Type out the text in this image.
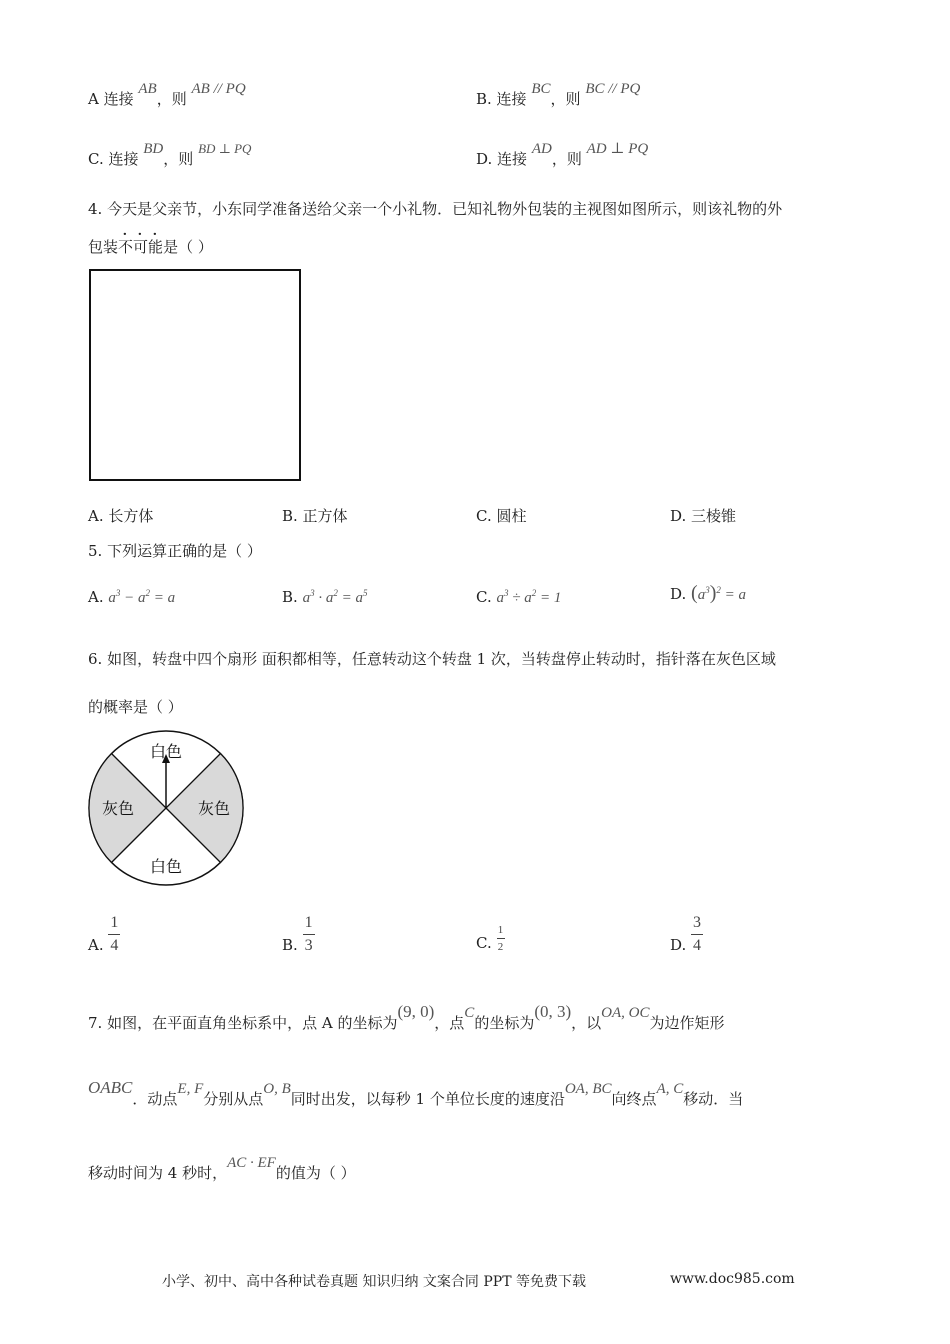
A 连接 AB，则 AB // PQ
B. 连接 BC，则 BC // PQ
C. 连接 BD，则 BD ⊥ PQ
D. 连接 AD，则 AD ⊥ PQ
4. 今天是父亲节，小东同学准备送给父亲一个小礼物．已知礼物外包装的主视图如图所示，则该礼物的外
包装不可能是（ ）
A. 长方体	B. 正方体	C. 圆柱	D. 三棱锥
5. 下列运算正确的是（ ）
A. $a^3 - a^2 = a$	B. $a^3 \cdot a^2 = a^5$	C. $a^3 \div a^2 = 1$	D. $(a^3)^2 = a$
6. 如图，转盘中四个扇形 面积都相等，任意转动这个转盘 1 次，当转盘停止转动时，指针落在灰色区域
的概率是（ ）
白色
灰色	灰色
白色
A. $\frac{1}{4}$	B. $\frac{1}{3}$	C. $\frac{1}{2}$	D. $\frac{3}{4}$
7. 如图，在平面直角坐标系中，点 A 的坐标为(9, 0)，点C的坐标为(0, 3)，以OA, OC为边作矩形
OABC．动点E, F分别从点O, B同时出发，以每秒 1 个单位长度的速度沿OA, BC向终点A, C移动．当
移动时间为 4 秒时，AC · EF的值为（ ）
小学、初中、高中各种试卷真题 知识归纳 文案合同 PPT 等免费下载	www.doc985.com
